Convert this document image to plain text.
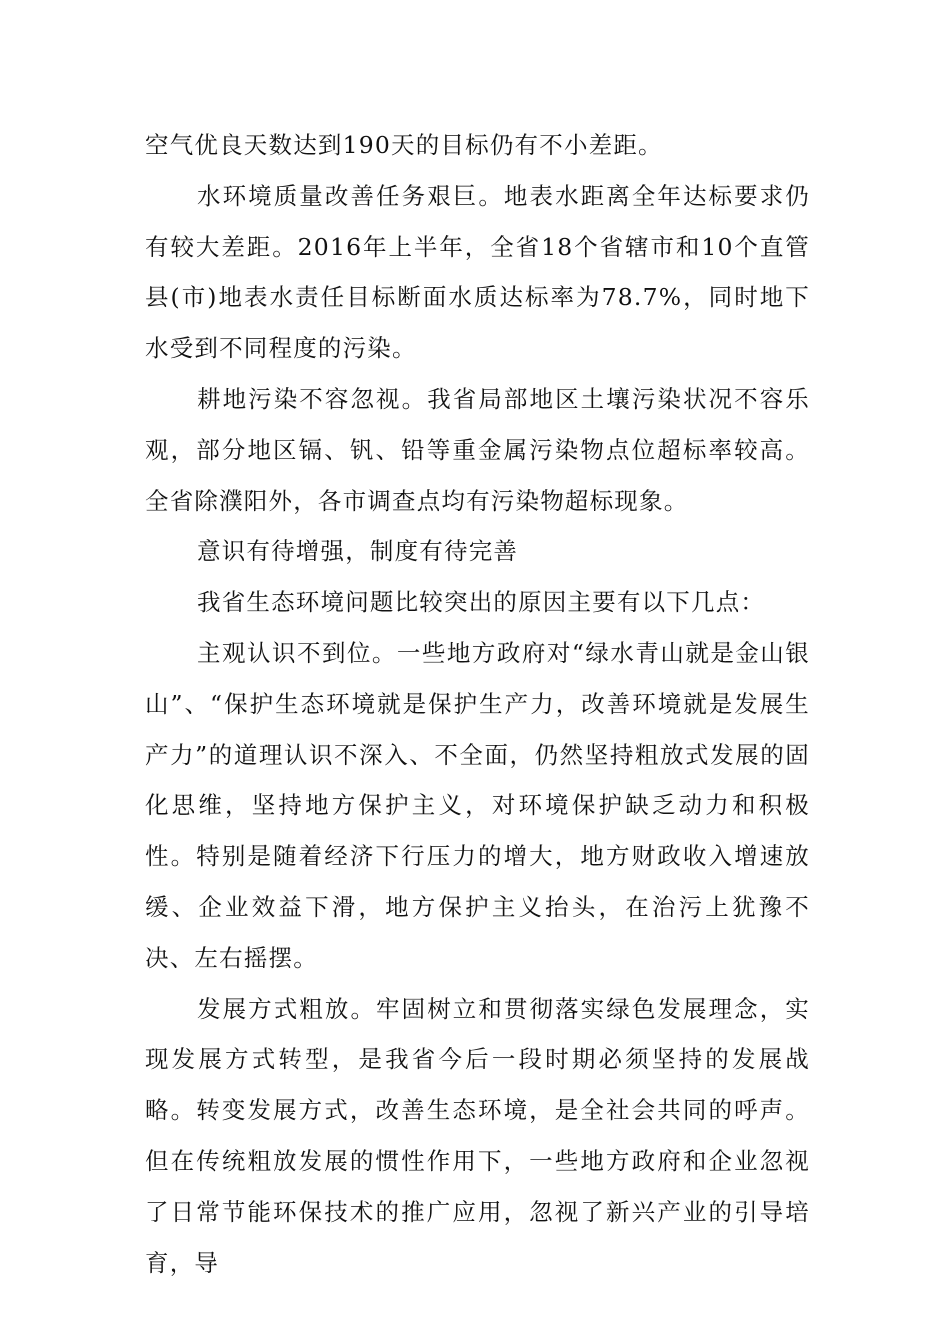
空气优良天数达到190天的目标仍有不小差距。

水环境质量改善任务艰巨。地表水距离全年达标要求仍有较大差距。2016年上半年，全省18个省辖市和10个直管县(市)地表水责任目标断面水质达标率为78.7%，同时地下水受到不同程度的污染。

耕地污染不容忽视。我省局部地区土壤污染状况不容乐观，部分地区镉、钒、铅等重金属污染物点位超标率较高。全省除濮阳外，各市调查点均有污染物超标现象。

意识有待增强，制度有待完善

我省生态环境问题比较突出的原因主要有以下几点：

主观认识不到位。一些地方政府对“绿水青山就是金山银山”、“保护生态环境就是保护生产力，改善环境就是发展生产力”的道理认识不深入、不全面，仍然坚持粗放式发展的固化思维，坚持地方保护主义，对环境保护缺乏动力和积极性。特别是随着经济下行压力的增大，地方财政收入增速放缓、企业效益下滑，地方保护主义抬头，在治污上犹豫不决、左右摇摆。

发展方式粗放。牢固树立和贯彻落实绿色发展理念，实现发展方式转型，是我省今后一段时期必须坚持的发展战略。转变发展方式，改善生态环境，是全社会共同的呼声。但在传统粗放发展的惯性作用下，一些地方政府和企业忽视了日常节能环保技术的推广应用，忽视了新兴产业的引导培育，导
